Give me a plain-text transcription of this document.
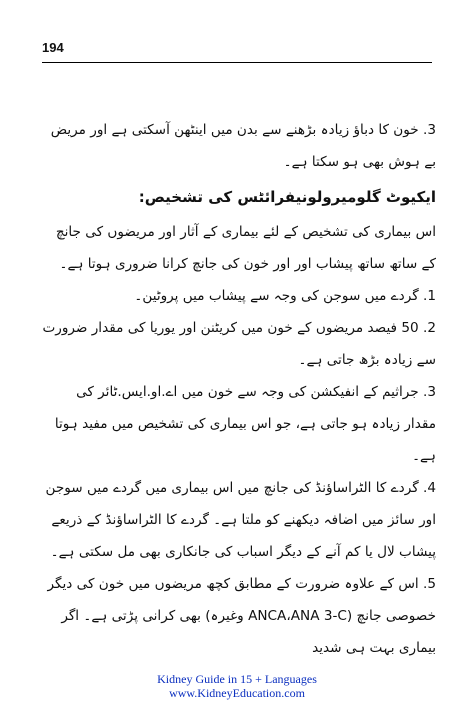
194

3. خون کا دباؤ زیادہ بڑھنے سے بدن میں اینٹھن آسکتی ہے اور مریض بے ہوش بھی ہو سکتا ہے۔

ایکیوٹ گلومیرولونیفرائٹس کی تشخیص:

اس بیماری کی تشخیص کے لئے بیماری کے آثار اور مریضوں کی جانچ کے ساتھ ساتھ پیشاب اور اور خون کی جانچ کرانا ضروری ہوتا ہے۔

1. گردے میں سوجن کی وجہ سے پیشاب میں پروٹین۔

2. 50 فیصد مریضوں کے خون میں کریٹنن اور یوریا کی مقدار ضرورت سے زیادہ بڑھ جاتی ہے۔

3. جراثیم کے انفیکشن کی وجہ سے خون میں اے.او.ایس.ٹائر کی مقدار زیادہ ہو جاتی ہے، جو اس بیماری کی تشخیص میں مفید ہوتا ہے۔

4. گردے کا الٹراساؤنڈ کی جانچ میں اس بیماری میں گردے میں سوجن اور سائز میں اضافہ دیکھنے کو ملتا ہے۔ گردے کا الٹراساؤنڈ کے ذریعے پیشاب لال یا کم آنے کے دیگر اسباب کی جانکاری بھی مل سکتی ہے۔

5. اس کے علاوہ ضرورت کے مطابق کچھ مریضوں میں خون کی دیگر خصوصی جانچ (ANCA،ANA 3-C وغیرہ) بھی کرانی پڑتی ہے۔ اگر بیماری بہت ہی شدید

Kidney Guide in 15 + Languages
www.KidneyEducation.com
